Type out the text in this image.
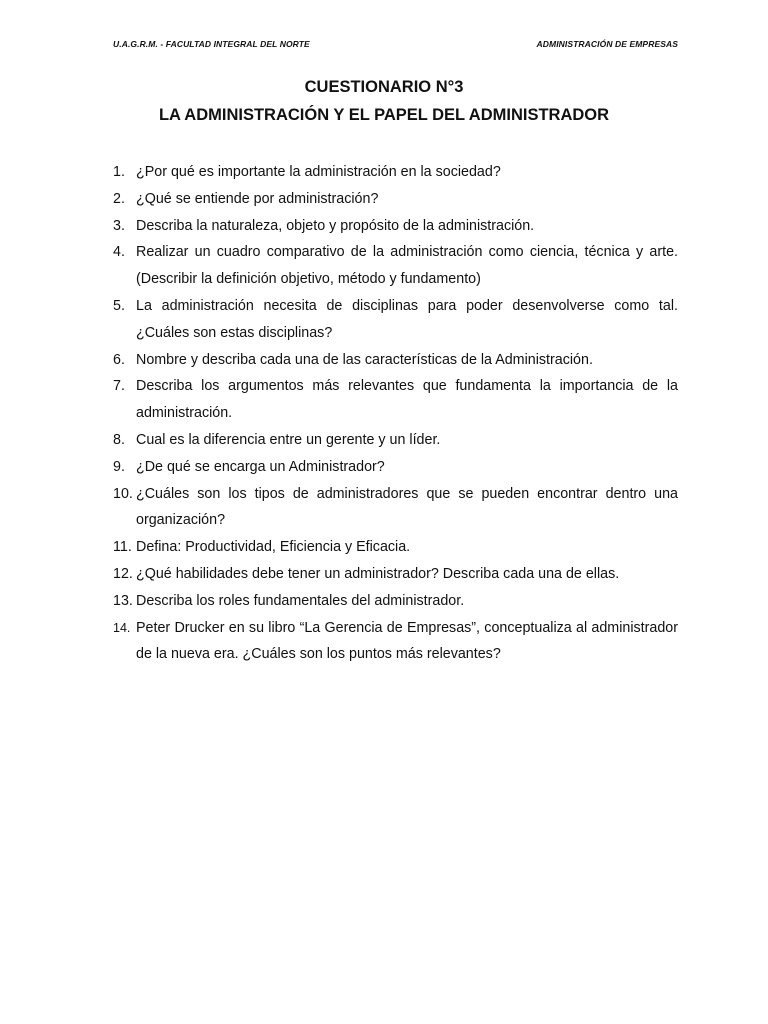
U.A.G.R.M. - FACULTAD INTEGRAL DEL NORTE	ADMINISTRACIÓN DE EMPRESAS
CUESTIONARIO N°3
LA ADMINISTRACIÓN Y EL PAPEL DEL ADMINISTRADOR
1. ¿Por qué es importante la administración en la sociedad?
2. ¿Qué se entiende por administración?
3. Describa la naturaleza, objeto y propósito de la administración.
4. Realizar un cuadro comparativo de la administración como ciencia, técnica y arte. (Describir la definición objetivo, método y fundamento)
5. La administración necesita de disciplinas para poder desenvolverse como tal. ¿Cuáles son estas disciplinas?
6. Nombre y describa cada una de las características de la Administración.
7. Describa los argumentos más relevantes que fundamenta la importancia de la administración.
8. Cual es la diferencia entre un gerente y un líder.
9. ¿De qué se encarga un Administrador?
10. ¿Cuáles son los tipos de administradores que se pueden encontrar dentro una organización?
11. Defina: Productividad, Eficiencia y Eficacia.
12. ¿Qué habilidades debe tener un administrador? Describa cada una de ellas.
13. Describa los roles fundamentales del administrador.
14. Peter Drucker en su libro “La Gerencia de Empresas”, conceptualiza al administrador de la nueva era. ¿Cuáles son los puntos más relevantes?
